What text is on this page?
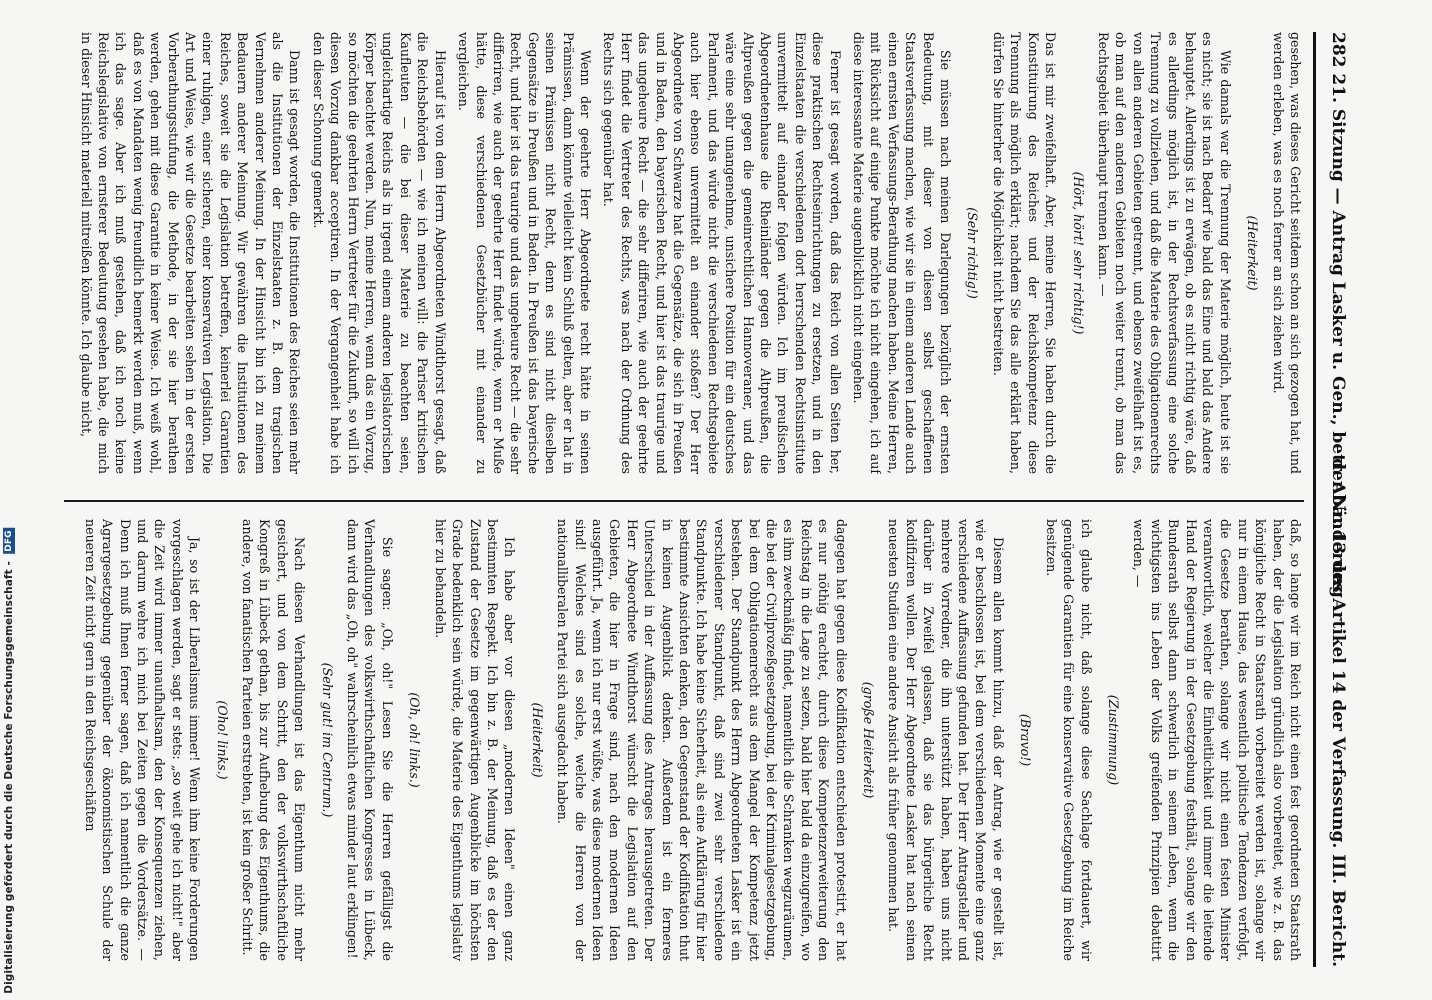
Digitalisierung gefördert durch die Deutsche Forschungsgemeinschaft - DFG	282 21. Sitzung — Antrag Lasker u. Gen., betr. Abänderung
der Nr. 13 des Artikel 14 der Verfassung. III. Bericht.

gesehen, was dieses Gericht seitdem schon an sich gezogen hat, und werden erleben, was es noch ferner an sich ziehen wird.

(Heiterkeit)

Wie damals war die Trennung der Materie möglich, heute ist sie es nicht; sie ist nach Bedarf wie bald das Eine und bald das Andere behauptet. Allerdings ist zu erwägen, ob es nicht richtig wäre, daß es allerdings möglich ist, in der Rechtsverfassung eine solche Trennung zu vollziehen, und daß die Materie des Obligationenrechts von allen anderen Gebieten getrennt, und ebenso zweifelhaft ist es, ob man auf den anderen Gebieten noch weiter trennt, ob man das Rechtsgebiet überhaupt trennen kann. —

(Hört, hört! sehr richtig!)

Das ist mir zweifelhaft. Aber, meine Herren, Sie haben durch die Konstituirung des Reiches und der Reichskompetenz diese Trennung als möglich erklärt; nachdem Sie das alle erklärt haben, dürfen Sie hinterher die Möglichkeit nicht bestreiten.

(Sehr richtig!)

Sie müssen nach meinen Darlegungen bezüglich der ernsten Bedeutung, mit dieser von diesen selbst geschaffenen Staatsverfassung machen, wie wir sie in einem anderen Lande auch einen ernsten Verfassungs-Berathung machen haben. Meine Herren, mit Rücksicht auf einige Punkte möchte ich nicht eingehen, ich auf diese interessante Materie augenblicklich nicht eingehen.

Ferner ist gesagt worden, daß das Reich von allen Seiten her, diese praktischen Rechtseinrichtungen zu ersetzen, und in den Einzelstaaten die verschiedenen dort herrschenden Rechtsinstitute unvermittelt auf einander folgen würden. Ich im preußischen Abgeordnetenhause die Rheinländer gegen die Altpreußen, die Altpreußen gegen die gemeinrechtlichen Hannoveraner, und das wäre eine sehr unangenehme, unsichere Position für ein deutsches Parlament, und das würde nicht die verschiedenen Rechtsgebiete auch hier ebenso unvermittelt an einander stoßen? Der Herr Abgeordnete von Schwarze hat die Gegensätze, die sich in Preußen und in Baden, den bayerischen Recht, und hier ist das traurige und das ungeheure Recht — die sehr differiren, wie auch der geehrte Herr findet die Vertreter des Rechts, was nach der Ordnung des Rechts sich gegenüber hat.

Wenn der geehrte Herr Abgeordnete recht hätte in seinen Prämissen, dann könnte vielleicht kein Schluß gelten, aber er hat in seinen Prämissen nicht Recht, denn es sind nicht dieselben Gegensätze in Preußen und in Baden. In Preußen ist das bayerische Recht, und hier ist das traurige und das ungeheure Recht — die sehr differiren, wie auch der geehrte Herr findet würde, wenn er Muße hätte, diese verschiedenen Gesetzbücher mit einander zu vergleichen.

Hierauf ist von dem Herrn Abgeordneten Windthorst gesagt, daß die Reichsbehörden — wie ich meinen will: die Pariser kritischen Kaufleuten — die bei dieser Materie zu beachten seien, ungleichartige Reichs als in irgend einem anderen legislatorischen Körper beachtet werden. Nun, meine Herren, wenn das ein Vorzug, so möchten die geehrten Herrn Vertreter für die Zukunft, so will ich diesen Vorzug dankbar acceptiren. In der Vergangenheit habe ich den dieser Schonung gemerkt.

Dann ist gesagt worden, die Institutionen des Reiches seien mehr als die Institutionen der Einzelstaaten z. B. dem tragischen Vernehmen anderer Meinung. In der Hinsicht bin ich zu meinem Bedauern anderer Meinung. Wir gewähren die Institutionen des Reiches, soweit sie die Legislation betreffen, keinerlei Garantien einer ruhigen, einer sicheren, einer konservativen Legislation. Die Art und Weise, wie wir die Gesetze bearbeiten sehen in der ersten Vorberathungsstufung, die Methode, in der sie hier berathen werden, gehen mit diese Garantie in keiner Weise. Ich weiß wohl, daß es von Mandaten wenig freundlich bemerkt werden muß, wenn ich das sage. Aber ich muß gestehen, daß ich noch keine Reichslegislative von ernsterer Bedeutung gesehen habe, die mich in dieser Hinsicht materiell mitreißen könnte. Ich glaube nicht,

daß, so lange wir im Reich nicht einen fest geordneten Staatsrath haben, der die Legislation gründlich also vorbereitet, wie z. B. das königliche Recht in Staatsrath vorbereitet werden ist, solange wir nur in einem Hause, das wesentlich politische Tendenzen verfolgt, die Gesetze berathen, solange wir nicht einen festen Minister verantwortlich, welcher die Einheitlichkeit und immer die leitende Hand der Regierung in der Gesetzgebung festhält, solange wir den Bundesrath selbst dann schwerlich in seinem Leben, wenn die wichtigsten ins Leben der Volks greifenden Prinzipien debattirt werden, —

(Zustimmung)

ich glaube nicht, daß solange diese Sachlage fortdauert, wir genügende Garantien für eine konservative Gesetzgebung im Reiche besitzen.

(Bravo!)

Diesem allen kommt hinzu, daß der Antrag, wie er gestellt ist, wie er beschlossen ist, bei dem verschiedenen Momente eine ganz verschiedene Auffassung gefunden hat. Der Herr Antragsteller und mehrere Vorredner, die ihn unterstützt haben, haben uns nicht darüber in Zweifel gelassen, daß sie das bürgerliche Recht kodifiziren wollen. Der Herr Abgeordnete Lasker hat nach seinen neuesten Studien eine andere Ansicht als früher genommen hat.

(große Heiterkeit)

dagegen hat gegen diese Kodifikation entschieden protestirt, er hat es nur nöthig erachtet, durch diese Kompetenzerweiterung den Reichstag in die Lage zu setzen, bald hier bald da einzugreifen, wo es ihm zweckmäßig findet, namentlich die Schranken wegzuräumen, die bei der Civilprozeßgesetzgebung, bei der Kriminalgesetzgebung, bei dem Obligationenrecht aus dem Mangel der Kompetenz jetzt bestehen. Der Standpunkt des Herrn Abgeordneten Lasker ist ein verschiedener Standpunkt, daß sind zwei sehr verschiedene Standpunkte. Ich habe keine Sicherheit, als eine Aufklärung für hier bestimmte Ansichten denken, den Gegenstand der Kodifikation thut in keinen Augenblick denken. Außerdem ist ein ferneres Unterschied in der Auffassung des Antrages herausgetreten. Der Herr Abgeordnete Windthorst wünscht die Legislation auf den Gebieten, die hier in Frage sind, nach den modernen Ideen ausgeführt. Ja, wenn ich nur erst wüßte, was diese modernen Ideen sind! Welches sind es solche, welche die Herren von der nationalliberalen Partei sich ausgedacht haben.

(Heiterkeit)

Ich habe aber vor diesen „modernen Ideen" einen ganz bestimmten Respekt. Ich bin z. B. der Meinung, daß es der den Zustand der Gesetze im gegenwärtigen Augenblicke im höchsten Grade bedenklich sein würde, die Materie des Eigenthums legislativ hier zu behandeln.

(Oh, oh! links.)

Sie sagen: „Oh, oh!" Lesen Sie die Herren gefälligst die Verhandlungen des volkswirthschaftlichen Kongresses in Lübeck, dann wird das „Oh, oh" wahrscheinlich etwas minder laut erklingen!

(Sehr gut! im Centrum.)

Nach diesen Verhandlungen ist das Eigenthum nicht mehr gesichert, und von dem Schritt, den der volkswirthschaftliche Kongreß in Lübeck gethan, bis zur Aufhebung des Eigenthums, die andere, von fanatischen Parteien erstrebten, ist kein großer Schritt.

(Oho! links.)

Ja, so ist der Liberalismus immer! Wenn ihm keine Forderungen vorgeschlagen werden, sagt er stets: „so weit gehe ich nicht!" aber die Zeit wird immer unaufhaltsam, den der Konsequenzen ziehen, und darum wehre ich mich bei Zeiten gegen die Vordersätze. — Denn ich muß Ihnen ferner sagen, daß ich namentlich die ganze Agrargesetzgebung gegenüber der ökonomistischen Schule der neueren Zeit nicht gern in den Reichsgeschäften
